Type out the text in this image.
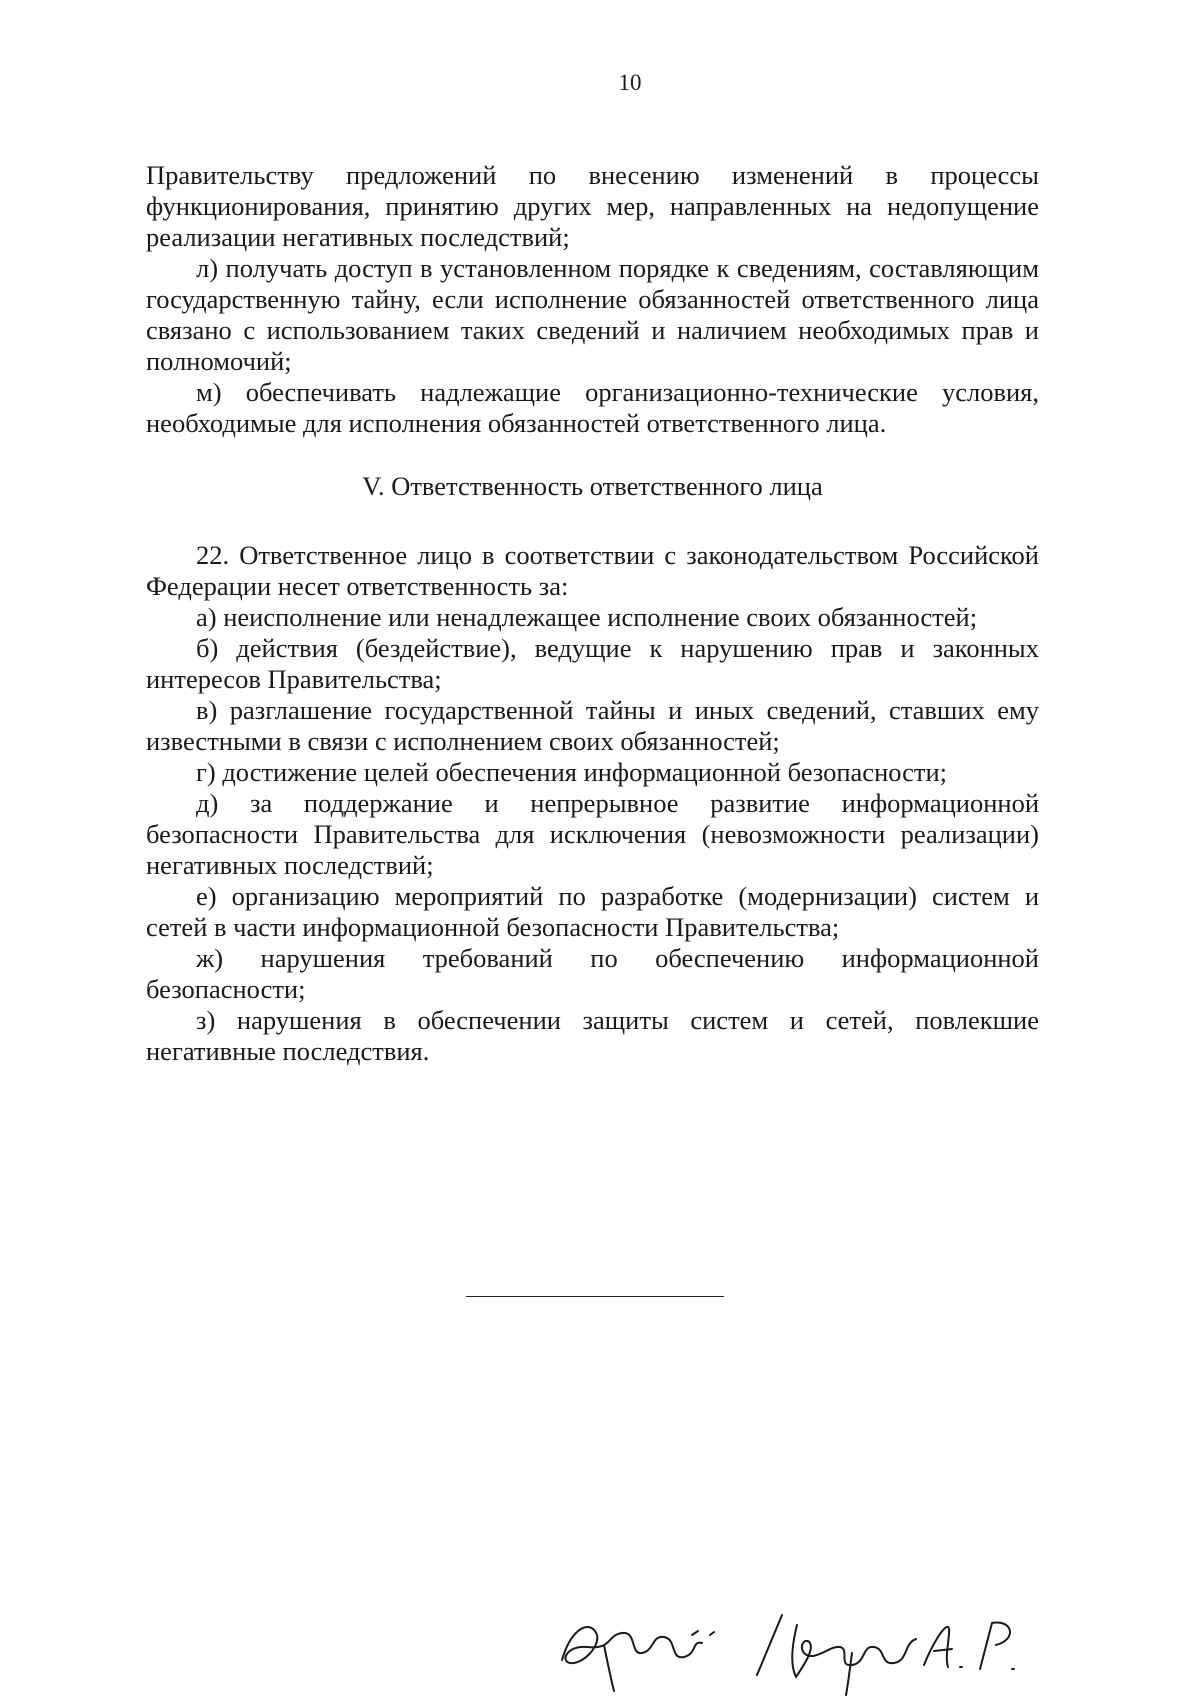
10

Правительству предложений по внесению изменений в процессы функционирования, принятию других мер, направленных на недопущение реализации негативных последствий;

л) получать доступ в установленном порядке к сведениям, составляющим государственную тайну, если исполнение обязанностей ответственного лица связано с использованием таких сведений и наличием необходимых прав и полномочий;

м) обеспечивать надлежащие организационно-технические условия, необходимые для исполнения обязанностей ответственного лица.

V. Ответственность ответственного лица

22. Ответственное лицо в соответствии с законодательством Российской Федерации несет ответственность за:

а) неисполнение или ненадлежащее исполнение своих обязанностей;

б) действия (бездействие), ведущие к нарушению прав и законных интересов Правительства;

в) разглашение государственной тайны и иных сведений, ставших ему известными в связи с исполнением своих обязанностей;

г) достижение целей обеспечения информационной безопасности;

д) за поддержание и непрерывное развитие информационной безопасности Правительства для исключения (невозможности реализации) негативных последствий;

е) организацию мероприятий по разработке (модернизации) систем и сетей в части информационной безопасности Правительства;

ж) нарушения требований по обеспечению информационной безопасности;

з) нарушения в обеспечении защиты систем и сетей, повлекшие негативные последствия.
